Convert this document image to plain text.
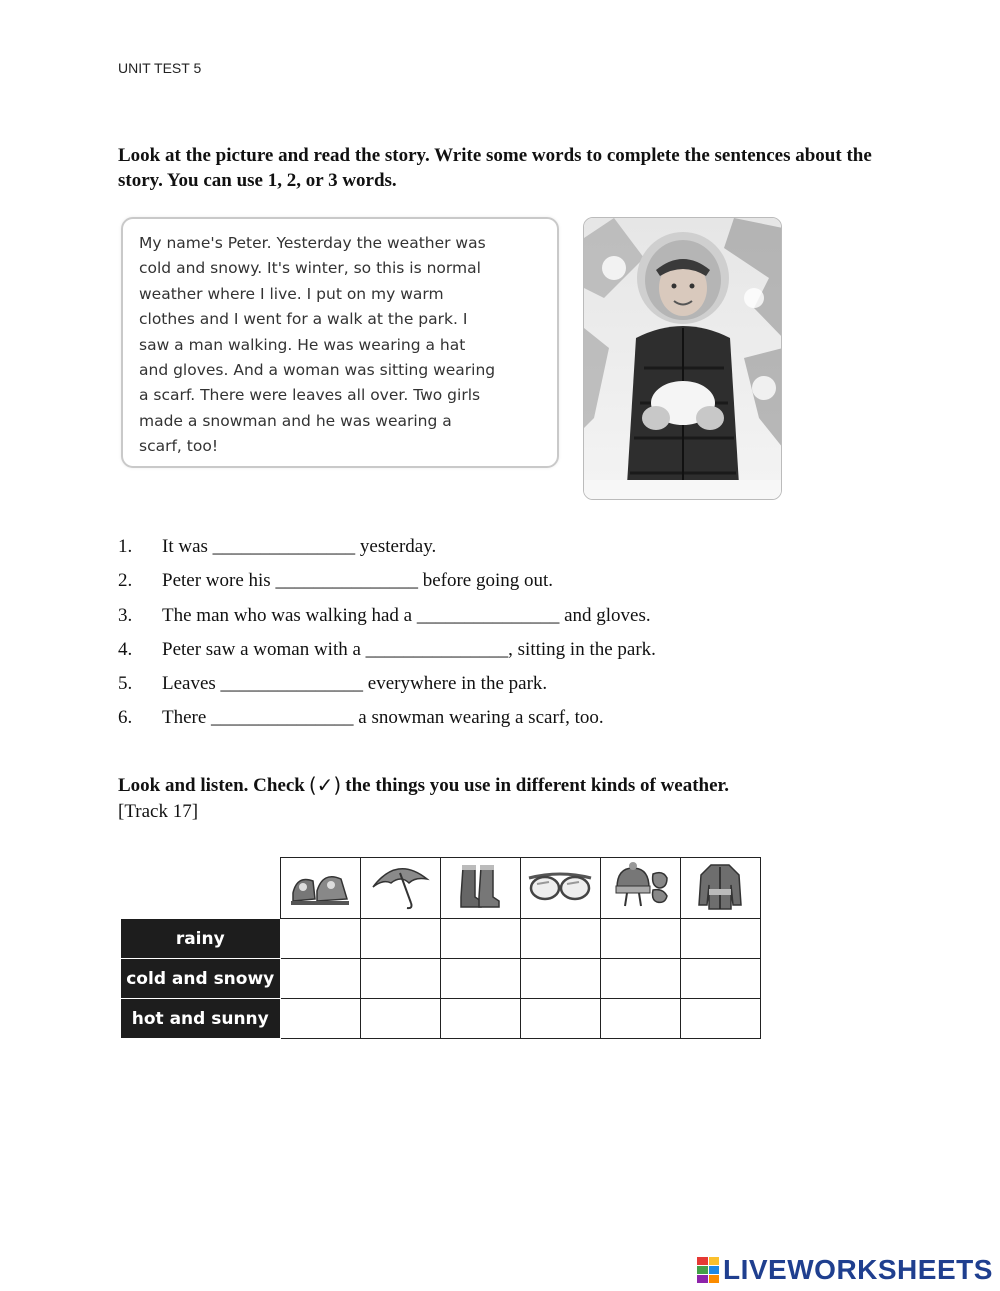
UNIT TEST 5
Look at the picture and read the story. Write some words to complete the sentences about the story. You can use 1, 2, or 3 words.
My name's Peter. Yesterday the weather was
cold and snowy. It's winter, so this is normal
weather where I live. I put on my warm
clothes and I went for a walk at the park. I
saw a man walking. He was wearing a hat
and gloves. And a woman was sitting wearing
a scarf. There were leaves all over. Two girls
made a snowman and he was wearing a
scarf, too!
1.	It was _______________ yesterday.
2.	Peter wore his _______________ before going out.
3.	The man who was walking had a _______________ and gloves.
4.	Peter saw a woman with a _______________, sitting in the park.
5.	Leaves _______________ everywhere in the park.
6.	There _______________ a snowman wearing a scarf, too.
Look and listen. Check (✓) the things you use in different kinds of weather.
[Track 17]

rainy						
cold and snowy						
hot and sunny						
LIVEWORKSHEETS
